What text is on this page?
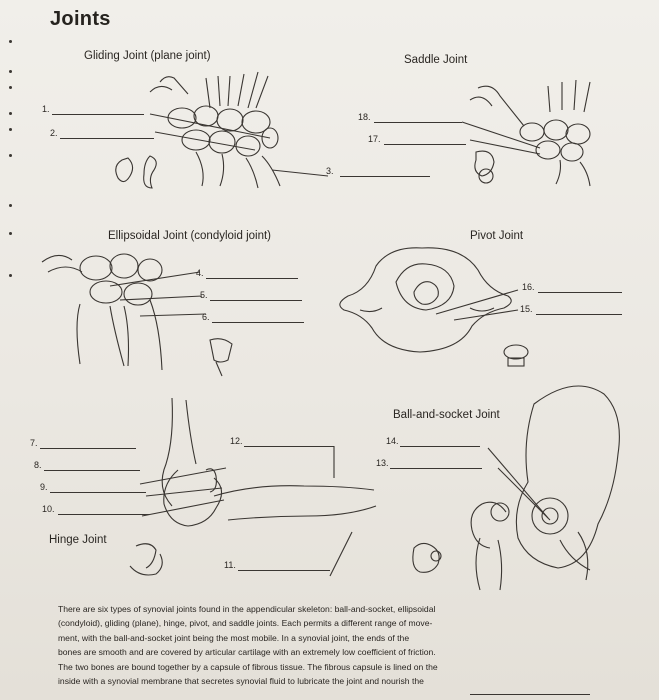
Joints
Gliding Joint (plane joint)	Saddle Joint
Ellipsoidal Joint (condyloid joint)	Pivot Joint
Ball-and-socket Joint
Hinge Joint
1.
2.
3.
18.
17.
4.
5.
6.
16.
15.
7.
8.
9.
10.
12.
11.
14.
13.
There are six types of synovial joints found in the appendicular skeleton: ball-and-socket, ellipsoidal
(condyloid), gliding (plane), hinge, pivot, and saddle joints. Each permits a different range of move-
ment, with the ball-and-socket joint being the most mobile. In a synovial joint, the ends of the
bones are smooth and are covered by articular cartilage with an extremely low coefficient of friction.
The two bones are bound together by a capsule of fibrous tissue. The fibrous capsule is lined on the
inside with a synovial membrane that secretes synovial fluid to lubricate the joint and nourish the
